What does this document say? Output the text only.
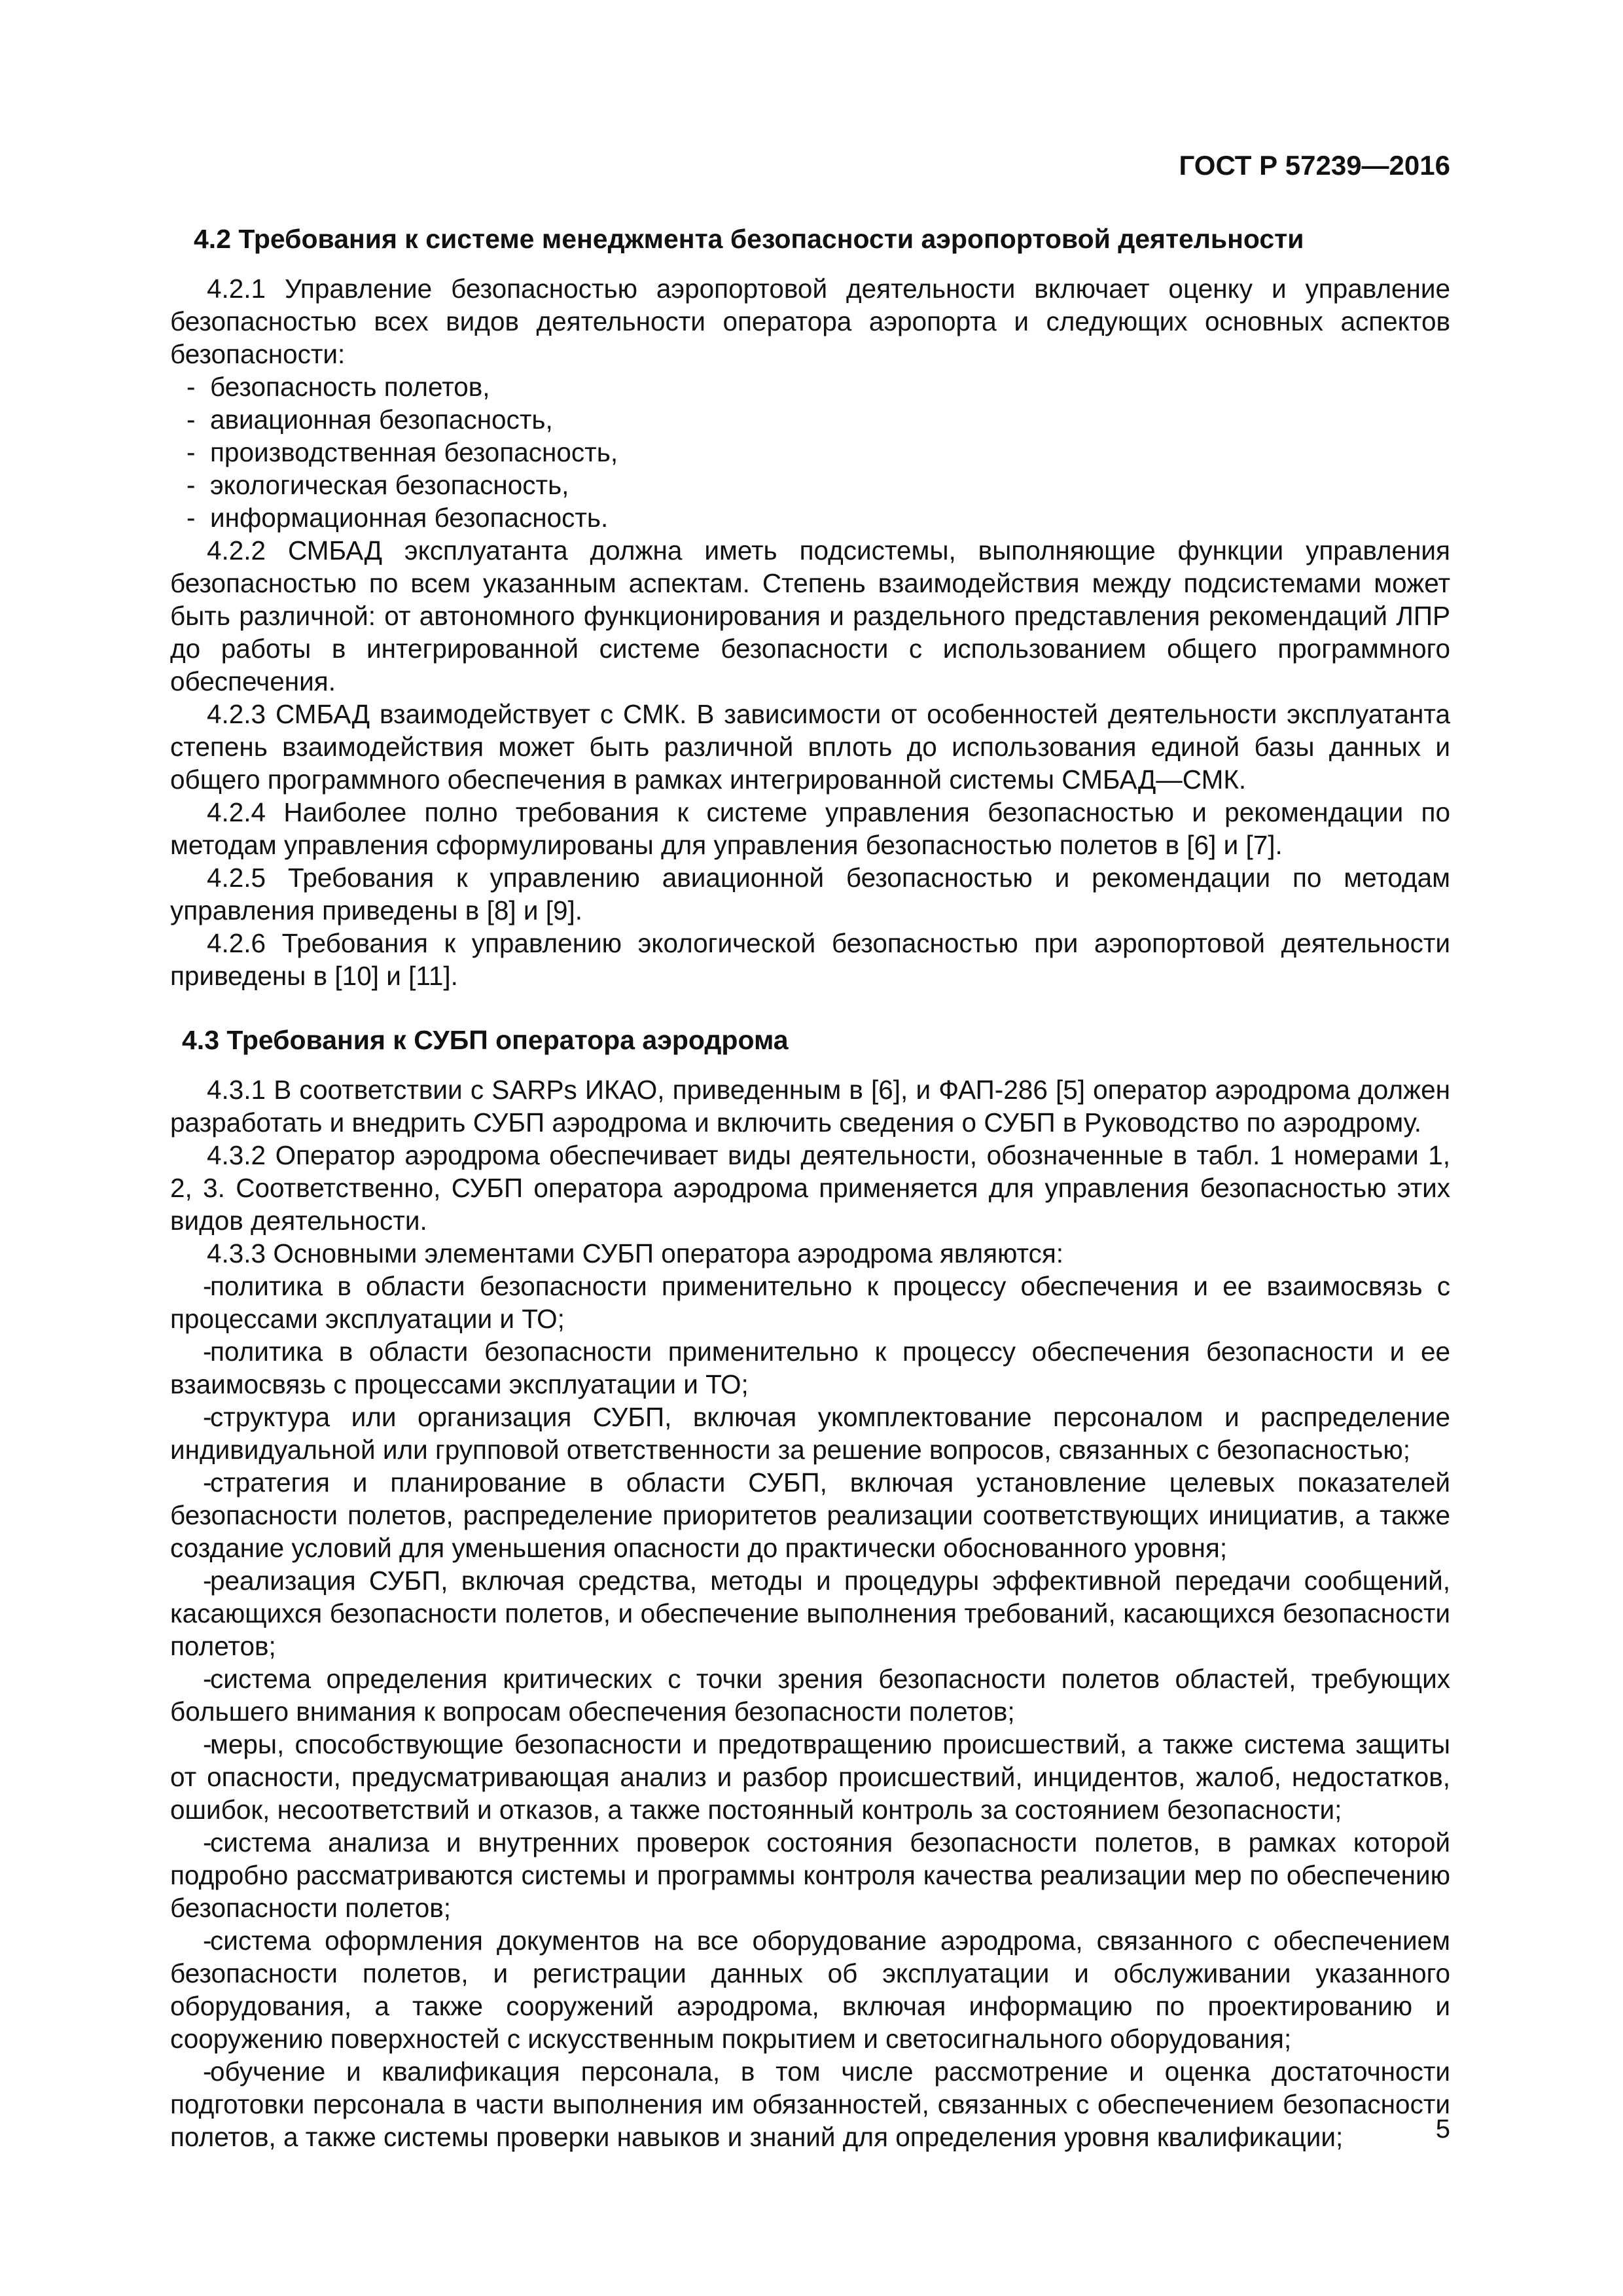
ГОСТ Р 57239—2016
4.2 Требования к системе менеджмента безопасности аэропортовой деятельности

4.2.1 Управление безопасностью аэропортовой деятельности включает оценку и управление безопасностью всех видов деятельности оператора аэропорта и следующих основных аспектов безопасности:

- безопасность полетов,
- авиационная безопасность,
- производственная безопасность,
- экологическая безопасность,
- информационная безопасность.

4.2.2 СМБАД эксплуатанта должна иметь подсистемы, выполняющие функции управления безопасностью по всем указанным аспектам. Степень взаимодействия между подсистемами может быть различной: от автономного функционирования и раздельного представления рекомендаций ЛПР до работы в интегрированной системе безопасности с использованием общего программного обеспечения.

4.2.3 СМБАД взаимодействует с СМК. В зависимости от особенностей деятельности эксплуатанта степень взаимодействия может быть различной вплоть до использования единой базы данных и общего программного обеспечения в рамках интегрированной системы СМБАД—СМК.

4.2.4 Наиболее полно требования к системе управления безопасностью и рекомендации по методам управления сформулированы для управления безопасностью полетов в [6] и [7].

4.2.5 Требования к управлению авиационной безопасностью и рекомендации по методам управления приведены в [8] и [9].

4.2.6 Требования к управлению экологической безопасностью при аэропортовой деятельности приведены в [10] и [11].

4.3 Требования к СУБП оператора аэродрома

4.3.1 В соответствии с SARPs ИКАО, приведенным в [6], и ФАП-286 [5] оператор аэродрома должен разработать и внедрить СУБП аэродрома и включить сведения о СУБП в Руководство по аэродрому.

4.3.2 Оператор аэродрома обеспечивает виды деятельности, обозначенные в табл. 1 номерами 1, 2, 3. Соответственно, СУБП оператора аэродрома применяется для управления безопасностью этих видов деятельности.

4.3.3 Основными элементами СУБП оператора аэродрома являются:

-политика в области безопасности применительно к процессу обеспечения и ее взаимосвязь с процессами эксплуатации и ТО;

-политика в области безопасности применительно к процессу обеспечения безопасности и ее взаимосвязь с процессами эксплуатации и ТО;

-структура или организация СУБП, включая укомплектование персоналом и распределение индивидуальной или групповой ответственности за решение вопросов, связанных с безопасностью;

-стратегия и планирование в области СУБП, включая установление целевых показателей безопасности полетов, распределение приоритетов реализации соответствующих инициатив, а также создание условий для уменьшения опасности до практически обоснованного уровня;

-реализация СУБП, включая средства, методы и процедуры эффективной передачи сообщений, касающихся безопасности полетов, и обеспечение выполнения требований, касающихся безопасности полетов;

-система определения критических с точки зрения безопасности полетов областей, требующих большего внимания к вопросам обеспечения безопасности полетов;

-меры, способствующие безопасности и предотвращению происшествий, а также система защиты от опасности, предусматривающая анализ и разбор происшествий, инцидентов, жалоб, недостатков, ошибок, несоответствий и отказов, а также постоянный контроль за состоянием безопасности;

-система анализа и внутренних проверок состояния безопасности полетов, в рамках которой подробно рассматриваются системы и программы контроля качества реализации мер по обеспечению безопасности полетов;

-система оформления документов на все оборудование аэродрома, связанного с обеспечением безопасности полетов, и регистрации данных об эксплуатации и обслуживании указанного оборудования, а также сооружений аэродрома, включая информацию по проектированию и сооружению поверхностей с искусственным покрытием и светосигнального оборудования;

-обучение и квалификация персонала, в том числе рассмотрение и оценка достаточности подготовки персонала в части выполнения им обязанностей, связанных с обеспечением безопасности полетов, а также системы проверки навыков и знаний для определения уровня квалификации;	5
